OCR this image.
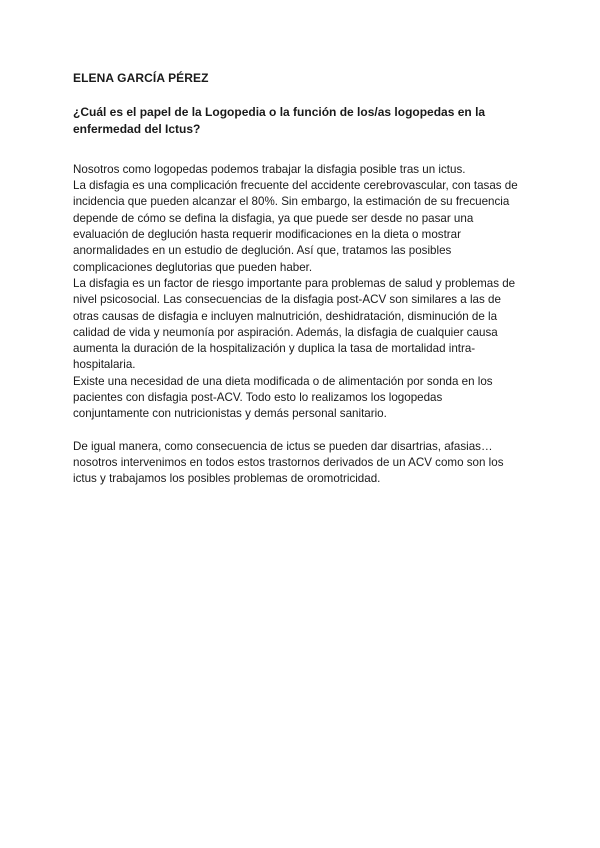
ELENA GARCÍA PÉREZ

¿Cuál es el papel de la Logopedia o la función de los/as logopedas en la enfermedad del Ictus?

Nosotros como logopedas podemos trabajar la disfagia posible tras un ictus.

La disfagia es una complicación frecuente del accidente cerebrovascular, con tasas de incidencia que pueden alcanzar el 80%. Sin embargo, la estimación de su frecuencia depende de cómo se defina la disfagia, ya que puede ser desde no pasar una evaluación de deglución hasta requerir modificaciones en la dieta o mostrar anormalidades en un estudio de deglución. Así que, tratamos las posibles complicaciones deglutorias que pueden haber.

La disfagia es un factor de riesgo importante para problemas de salud y problemas de nivel psicosocial. Las consecuencias de la disfagia post-ACV son similares a las de otras causas de disfagia e incluyen malnutrición, deshidratación, disminución de la calidad de vida y neumonía por aspiración. Además, la disfagia de cualquier causa aumenta la duración de la hospitalización y duplica la tasa de mortalidad intra-hospitalaria.

Existe una necesidad de una dieta modificada o de alimentación por sonda en los pacientes con disfagia post-ACV. Todo esto lo realizamos los logopedas conjuntamente con nutricionistas y demás personal sanitario.

De igual manera, como consecuencia de ictus se pueden dar disartrias, afasias…nosotros intervenimos en todos estos trastornos derivados de un ACV como son los ictus y trabajamos los posibles problemas de oromotricidad.
